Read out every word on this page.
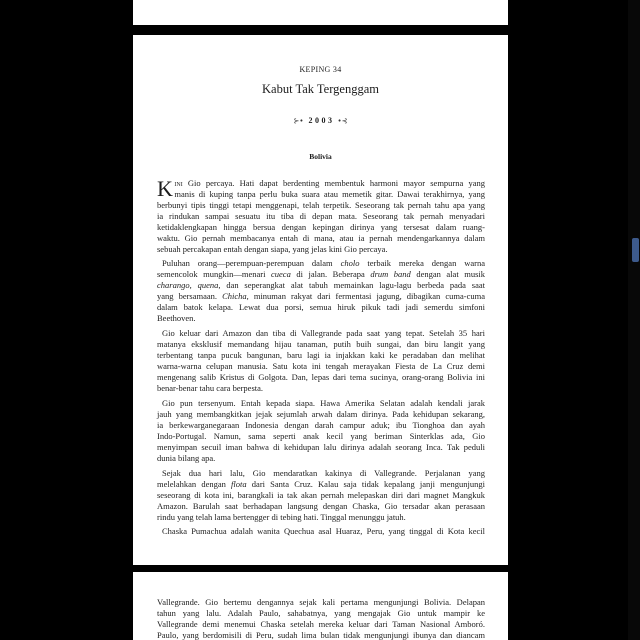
KEPING 34
Kabut Tak Tergenggam
⊱• 2003 •⊰
Bolivia
K ini Gio percaya. Hati dapat berdenting membentuk harmoni mayor sempurna yang
manis di kuping tanpa perlu buka suara atau memetik gitar. Dawai terakhirnya, yang
berbunyi tipis tinggi tetapi menggenapi, telah terpetik. Seseorang tak pernah tahu apa yang
ia rindukan sampai sesuatu itu tiba di depan mata. Seseorang tak pernah menyadari
ketidaklengkapan hingga bersua dengan kepingan dirinya yang tersesat dalam ruang-
waktu. Gio pernah membacanya entah di mana, atau ia pernah mendengarkannya dalam
sebuah percakapan entah dengan siapa, yang jelas kini Gio percaya.
Puluhan orang—perempuan-perempuan dalam cholo terbaik mereka dengan warna
semencolok mungkin—menari cueca di jalan. Beberapa drum band dengan alat musik
charango, quena, dan seperangkat alat tabuh memainkan lagu-lagu berbeda pada saat
yang bersamaan. Chicha, minuman rakyat dari fermentasi jagung, dibagikan cuma-cuma
dalam batok kelapa. Lewat dua porsi, semua hiruk pikuk tadi jadi semerdu simfoni
Beethoven.
Gio keluar dari Amazon dan tiba di Vallegrande pada saat yang tepat. Setelah 35 hari
matanya eksklusif memandang hijau tanaman, putih buih sungai, dan biru langit yang
terbentang tanpa pucuk bangunan, baru lagi ia injakkan kaki ke peradaban dan melihat
warna-warna celupan manusia. Satu kota ini tengah merayakan Fiesta de La Cruz demi
mengenang salib Kristus di Golgota. Dan, lepas dari tema sucinya, orang-orang Bolivia ini
benar-benar tahu cara berpesta.
Gio pun tersenyum. Entah kepada siapa. Hawa Amerika Selatan adalah kendali jarak
jauh yang membangkitkan jejak sejumlah arwah dalam dirinya. Pada kehidupan sekarang,
ia berkewarganegaraan Indonesia dengan darah campur aduk; ibu Tionghoa dan ayah
Indo-Portugal. Namun, sama seperti anak kecil yang beriman Sinterklas ada, Gio
menyimpan secuil iman bahwa di kehidupan lalu dirinya adalah seorang Inca. Tak peduli
dunia bilang apa.
Sejak dua hari lalu, Gio mendaratkan kakinya di Vallegrande. Perjalanan yang
melelahkan dengan flota dari Santa Cruz. Kalau saja tidak kepalang janji mengunjungi
seseorang di kota ini, barangkali ia tak akan pernah melepaskan diri dari magnet Mangkuk
Amazon. Barulah saat berhadapan langsung dengan Chaska, Gio tersadar akan perasaan
rindu yang telah lama bertengger di tebing hati. Tinggal menunggu jatuh.
Chaska Pumachua adalah wanita Quechua asal Huaraz, Peru, yang tinggal di Kota kecil
Vallegrande. Gio bertemu dengannya sejak kali pertama mengunjungi Bolivia. Delapan
tahun yang lalu. Adalah Paulo, sahabatnya, yang mengajak Gio untuk mampir ke
Vallegrande demi menemui Chaska setelah mereka keluar dari Taman Nasional Amboró.
Paulo, yang berdomisili di Peru, sudah lima bulan tidak mengunjungi ibunya dan diancam
